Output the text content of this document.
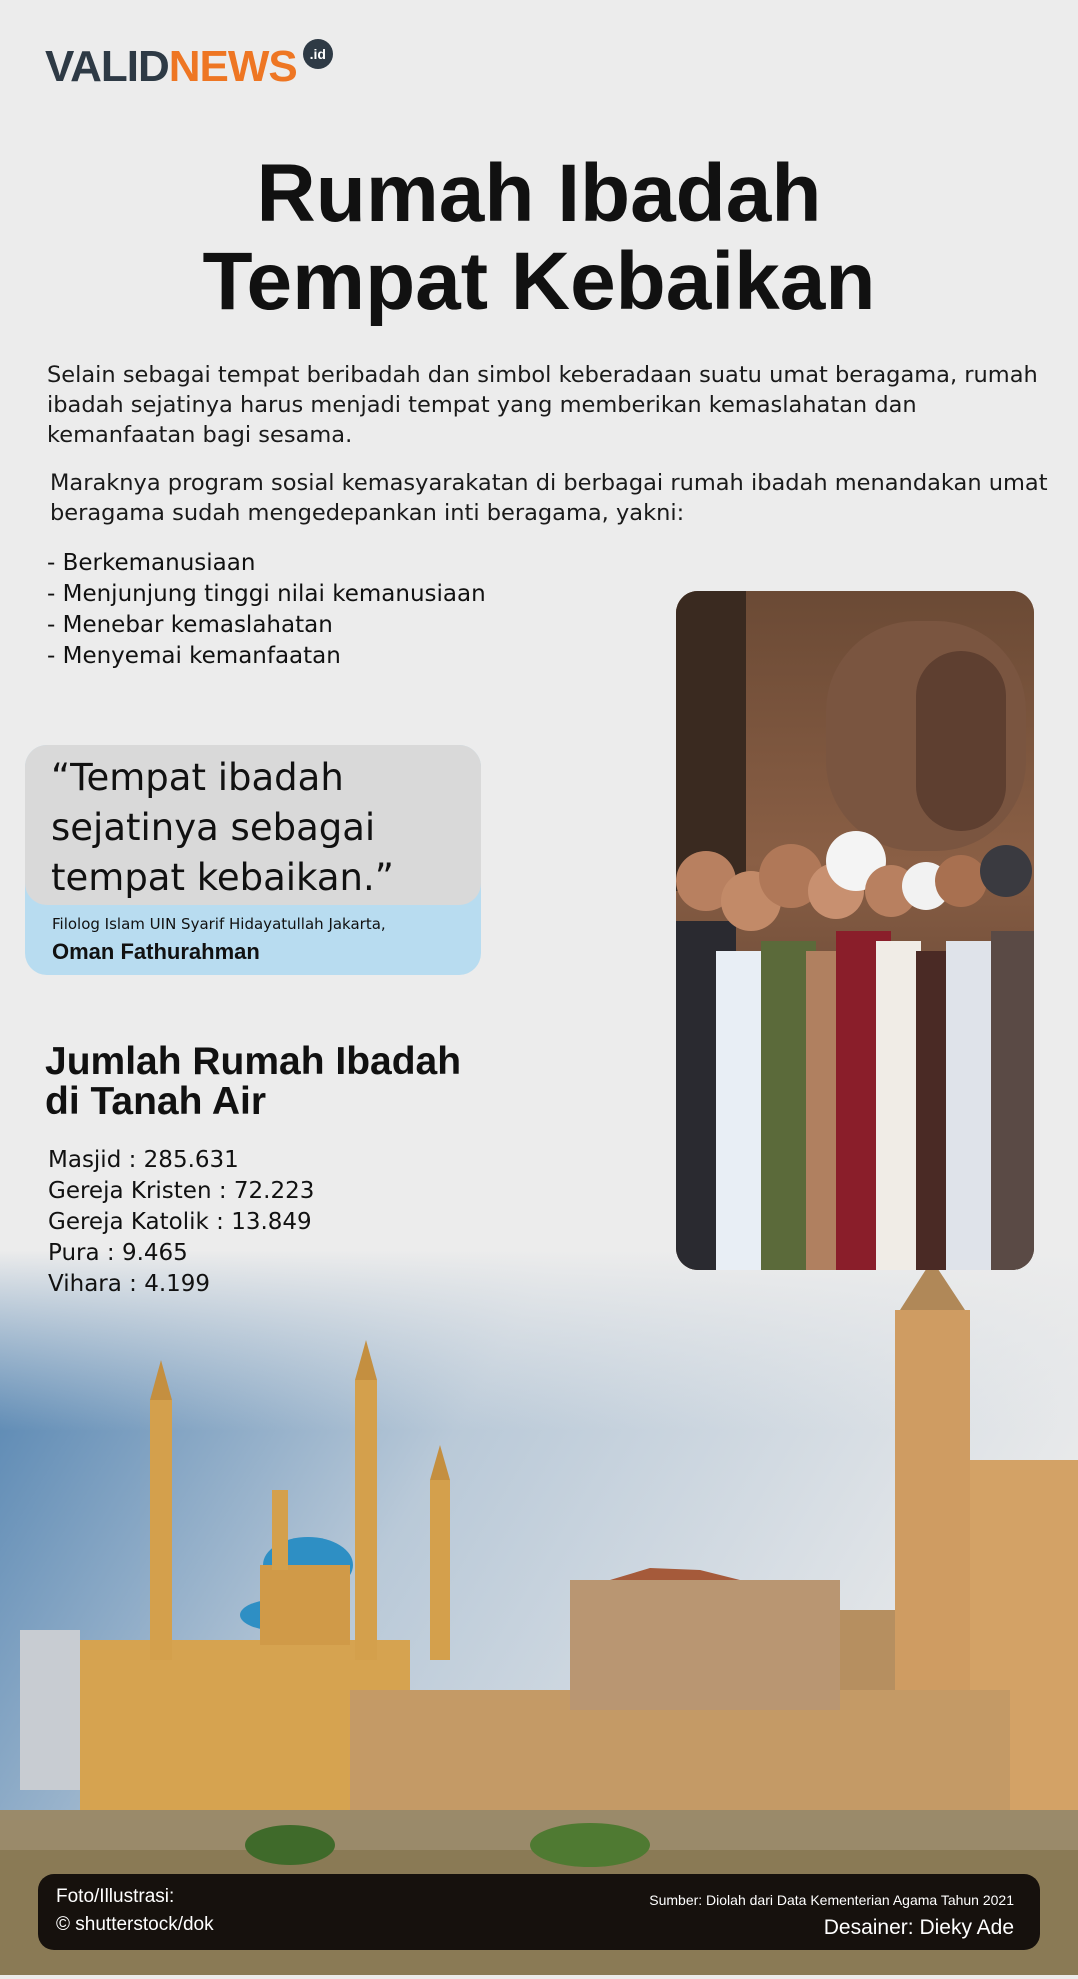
VALIDNEWS .id
Rumah Ibadah
Tempat Kebaikan
Selain sebagai tempat beribadah dan simbol keberadaan suatu umat beragama, rumah ibadah sejatinya harus menjadi tempat yang memberikan kemaslahatan dan kemanfaatan bagi sesama.
Maraknya program sosial kemasyarakatan di berbagai rumah ibadah menandakan umat beragama sudah mengedepankan inti beragama, yakni:
- Berkemanusiaan
- Menjunjung tinggi nilai kemanusiaan
- Menebar kemaslahatan
- Menyemai kemanfaatan
“Tempat ibadah sejatinya sebagai tempat kebaikan.”
Filolog Islam UIN Syarif Hidayatullah Jakarta,
Oman Fathurahman
Jumlah Rumah Ibadah
di Tanah Air
Masjid : 285.631
Gereja Kristen : 72.223
Gereja Katolik : 13.849
Pura : 9.465
Vihara : 4.199
Foto/Illustrasi:
© shutterstock/dok
Sumber: Diolah dari Data Kementerian Agama Tahun 2021
Desainer: Dieky Ade
